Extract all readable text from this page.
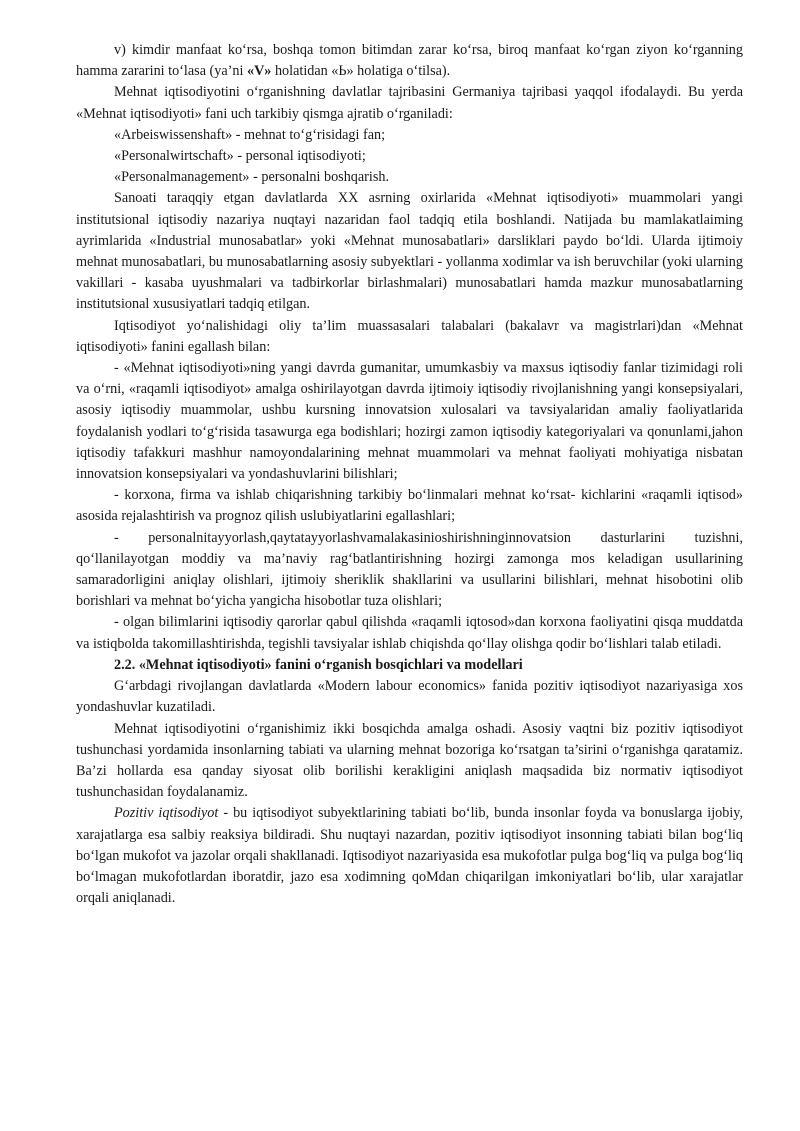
v) kimdir manfaat ko‘rsa, boshqa tomon bitimdan zarar ko‘rsa, biroq manfaat ko‘rgan ziyon ko‘rganning hamma zararini to‘lasa (ya’ni «V» holatidan «Ь» holatiga o‘tilsa).

Mehnat iqtisodiyotini o‘rganishning davlatlar tajribasini Germaniya tajribasi yaqqol ifodalaydi. Bu yerda «Mehnat iqtisodiyoti» fani uch tarkibiy qismga ajratib o‘rganiladi:

«Arbeiswissenshaft» - mehnat to‘g‘risidagi fan;

«Personalwirtschaft» - personal iqtisodiyoti;

«Personalmanagement» - personalni boshqarish.

Sanoati taraqqiy etgan davlatlarda XX asrning oxirlarida «Mehnat iqtisodiyoti» muammolari yangi institutsional iqtisodiy nazariya nuqtayi nazaridan faol tadqiq etila boshlandi. Natijada bu mamlakatlaiming ayrimlarida «Industrial munosabatlar» yoki «Mehnat munosabatlari» darsliklari paydo bo‘ldi. Ularda ijtimoiy mehnat munosabatlari, bu munosabatlarning asosiy subyektlari - yollanma xodimlar va ish beruvchilar (yoki ularning vakillari - kasaba uyushmalari va tadbirkorlar birlashmalari) munosabatlari hamda mazkur munosabatlarning institutsional xususiyatlari tadqiq etilgan.

Iqtisodiyot yo‘nalishidagi oliy ta’lim muassasalari talabalari (bakalavr va magistrlari)dan «Mehnat iqtisodiyoti» fanini egallash bilan:

- «Mehnat iqtisodiyoti»ning yangi davrda gumanitar, umumkasbiy va maxsus iqtisodiy fanlar tizimidagi roli va o‘rni, «raqamli iqtisodiyot» amalga oshirilayotgan davrda ijtimoiy iqtisodiy rivojlanishning yangi konsepsiyalari, asosiy iqtisodiy muammolar, ushbu kursning innovatsion xulosalari va tavsiyalaridan amaliy faoliyatlarida foydalanish yodlari to‘g‘risida tasawurga ega bodishlari; hozirgi zamon iqtisodiy kategoriyalari va qonunlami,jahon iqtisodiy tafakkuri mashhur namoyondalarining mehnat muammolari va mehnat faoliyati mohiyatiga nisbatan innovatsion konsepsiyalari va yondashuvlarini bilishlari;

- korxona, firma va ishlab chiqarishning tarkibiy bo‘linmalari mehnat ko‘rsat- kichlarini «raqamli iqtisod» asosida rejalashtirish va prognoz qilish uslubiyatlarini egallashlari;

- personalnitayyorlash,qaytatayyorlashvamalakasinioshirishninginnovatsion dasturlarini tuzishni, qo‘llanilayotgan moddiy va ma’naviy rag‘batlantirishning hozirgi zamonga mos keladigan usullarining samaradorligini aniqlay olishlari, ijtimoiy sheriklik shakllarini va usullarini bilishlari, mehnat hisobotini olib borishlari va mehnat bo‘yicha yangicha hisobotlar tuza olishlari;

- olgan bilimlarini iqtisodiy qarorlar qabul qilishda «raqamli iqtosod»dan korxona faoliyatini qisqa muddatda va istiqbolda takomillashtirishda, tegishli tavsiyalar ishlab chiqishda qo‘llay olishga qodir bo‘lishlari talab etiladi.

2.2. «Mehnat iqtisodiyoti» fanini o‘rganish bosqichlari va modellari

G‘arbdagi rivojlangan davlatlarda «Modern labour economics» fanida pozitiv iqtisodiyot nazariyasiga xos yondashuvlar kuzatiladi.

Mehnat iqtisodiyotini o‘rganishimiz ikki bosqichda amalga oshadi. Asosiy vaqtni biz pozitiv iqtisodiyot tushunchasi yordamida insonlarning tabiati va ularning mehnat bozoriga ko‘rsatgan ta’sirini o‘rganishga qaratamiz. Ba’zi hollarda esa qanday siyosat olib borilishi kerakligini aniqlash maqsadida biz normativ iqtisodiyot tushunchasidan foydalanamiz.

Pozitiv iqtisodiyot - bu iqtisodiyot subyektlarining tabiati bo‘lib, bunda insonlar foyda va bonuslarga ijobiy, xarajatlarga esa salbiy reaksiya bildiradi. Shu nuqtayi nazardan, pozitiv iqtisodiyot insonning tabiati bilan bog‘liq bo‘lgan mukofot va jazolar orqali shakllanadi. Iqtisodiyot nazariyasida esa mukofotlar pulga bog‘liq va pulga bog‘liq bo‘lmagan mukofotlardan iboratdir, jazo esa xodimning qoMdan chiqarilgan imkoniyatlari bo‘lib, ular xarajatlar orqali aniqlanadi.
